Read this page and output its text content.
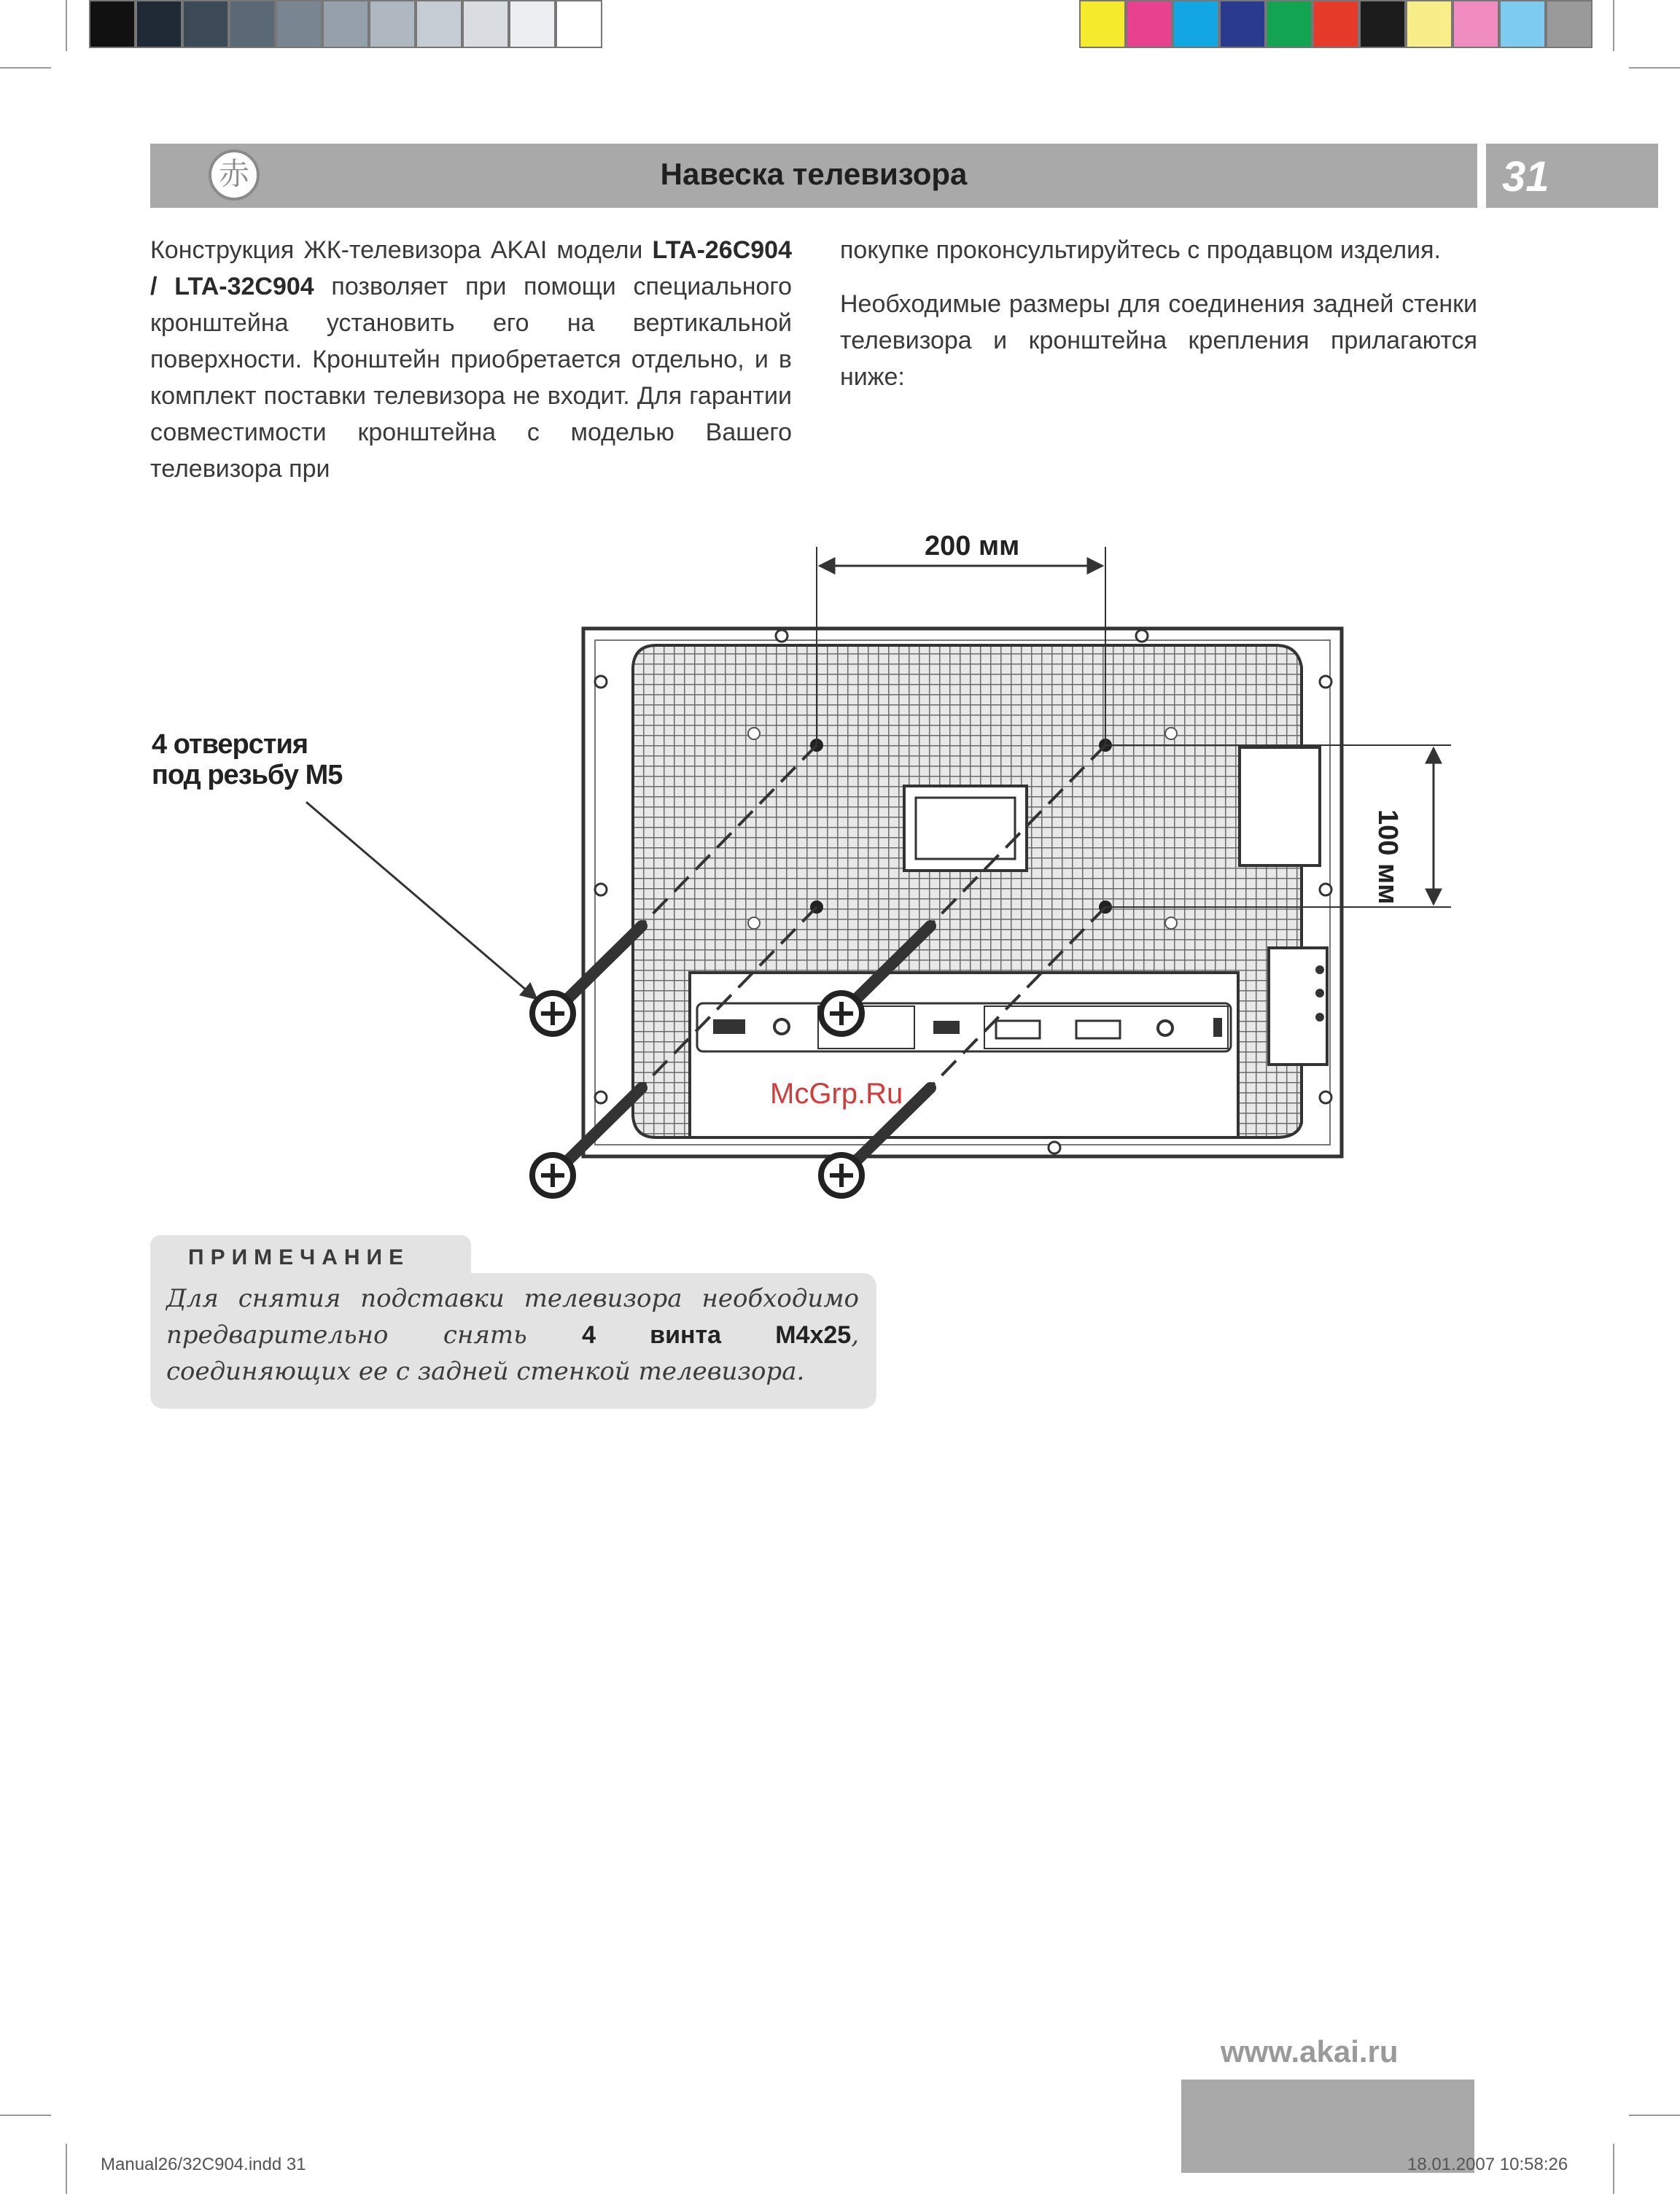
赤	Навеска телевизора	31

Конструкция ЖК-телевизора AKAI модели LTA-26C904 / LTA-32C904 позволяет при помощи специального кронштейна установить его на вертикальной поверхности. Кронштейн приобретается отдельно, и в комплект поставки телевизора не входит. Для гарантии совместимости кронштейна с моделью Вашего телевизора при

покупке проконсультируйтесь с продавцом изделия.

Необходимые размеры для соединения задней стенки телевизора и кронштейна крепления прилагаются ниже:

200 мм
100 мм
4 отверстия
под резьбу М5
McGrp.Ru
ПРИМЕЧАНИЕ
Для снятия подставки телевизора необходимо предварительно снять 4 винта M4x25, соединяющих ее с задней стенкой телевизора.
www.akai.ru
Manual26/32C904.indd 31	18.01.2007 10:58:26
